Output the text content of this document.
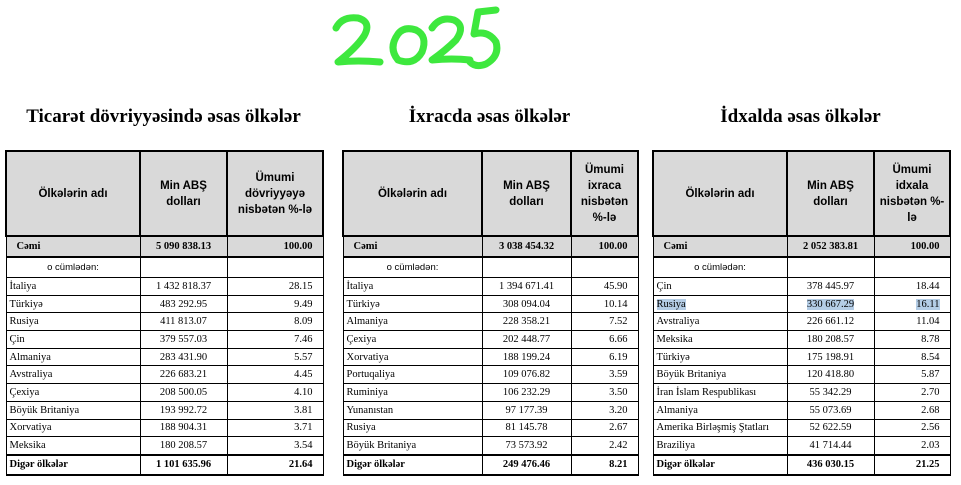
Ticarət dövriyyəsində əsas ölkələr
Ölkələrin adı	Min ABŞ dolları	Ümumi dövriyyəyə nisbətən %-lə
Cəmi	5 090 838.13	100.00
o cümlədən:		
İtaliya	1 432 818.37	28.15
Türkiyə	483 292.95	9.49
Rusiya	411 813.07	8.09
Çin	379 557.03	7.46
Almaniya	283 431.90	5.57
Avstraliya	226 683.21	4.45
Çexiya	208 500.05	4.10
Böyük Britaniya	193 992.72	3.81
Xorvatiya	188 904.31	3.71
Meksika	180 208.57	3.54
Digər ölkələr	1 101 635.96	21.64
İxracda əsas ölkələr
Ölkələrin adı	Min ABŞ dolları	Ümumi ixraca nisbətən %-lə
Cəmi	3 038 454.32	100.00
o cümlədən:		
İtaliya	1 394 671.41	45.90
Türkiyə	308 094.04	10.14
Almaniya	228 358.21	7.52
Çexiya	202 448.77	6.66
Xorvatiya	188 199.24	6.19
Portuqaliya	109 076.82	3.59
Ruminiya	106 232.29	3.50
Yunanıstan	97 177.39	3.20
Rusiya	81 145.78	2.67
Böyük Britaniya	73 573.92	2.42
Digər ölkələr	249 476.46	8.21
İdxalda əsas ölkələr
Ölkələrin adı	Min ABŞ dolları	Ümumi idxala nisbətən %-lə
Cəmi	2 052 383.81	100.00
o cümlədən:		
Çin	378 445.97	18.44
Rusiya	330 667.29	16.11
Avstraliya	226 661.12	11.04
Meksika	180 208.57	8.78
Türkiyə	175 198.91	8.54
Böyük Britaniya	120 418.80	5.87
İran İslam Respublikası	55 342.29	2.70
Almaniya	55 073.69	2.68
Amerika Birləşmiş Ştatları	52 622.59	2.56
Braziliya	41 714.44	2.03
Digər ölkələr	436 030.15	21.25
